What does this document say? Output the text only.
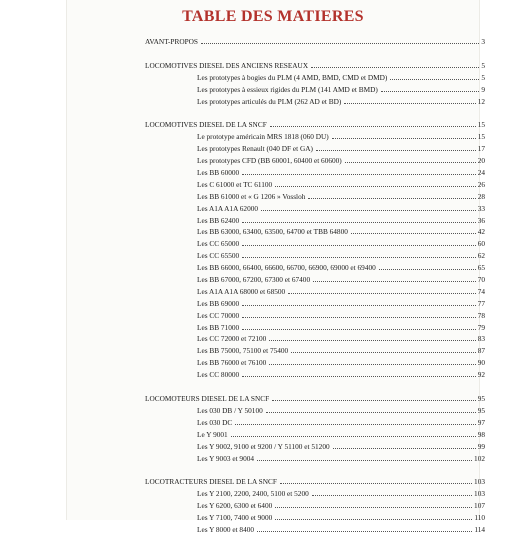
TABLE DES MATIERES
AVANT-PROPOS	3
LOCOMOTIVES DIESEL DES ANCIENS RESEAUX	5
Les prototypes à bogies du PLM (4 AMD, BMD, CMD et DMD)	5
Les prototypes à essieux rigides du PLM (141 AMD et BMD)	9
Les prototypes articulés du PLM (262 AD et BD)	12
LOCOMOTIVES DIESEL DE LA SNCF	15
Le prototype américain MRS 1818 (060 DU)	15
Les prototypes Renault (040 DF et GA)	17
Les prototypes CFD (BB 60001, 60400 et 60600)	20
Les BB 60000	24
Les C 61000 et TC 61100	26
Les BB 61000 et « G 1206 » Vossloh	28
Les A1A A1A 62000	33
Les BB 62400	36
Les BB 63000, 63400, 63500, 64700 et TBB 64800	42
Les CC 65000	60
Les CC 65500	62
Les BB 66000, 66400, 66600, 66700, 66900, 69000 et 69400	65
Les BB 67000, 67200, 67300 et 67400	70
Les A1A A1A 68000 et 68500	74
Les BB 69000	77
Les CC 70000	78
Les BB 71000	79
Les CC 72000 et 72100	83
Les BB 75000, 75100 et 75400	87
Les BB 76000 et 76100	90
Les CC 80000	92
LOCOMOTEURS DIESEL DE LA SNCF	95
Les 030 DB / Y 50100	95
Les 030 DC	97
Le Y 9001	98
Les Y 9002, 9100 et 9200 / Y 51100 et 51200	99
Les Y 9003 et 9004	102
LOCOTRACTEURS DIESEL DE LA SNCF	103
Les Y 2100, 2200, 2400, 5100 et 5200	103
Les Y 6200, 6300 et 6400	107
Les Y 7100, 7400 et 9000	110
Les Y 8000 et 8400	114
